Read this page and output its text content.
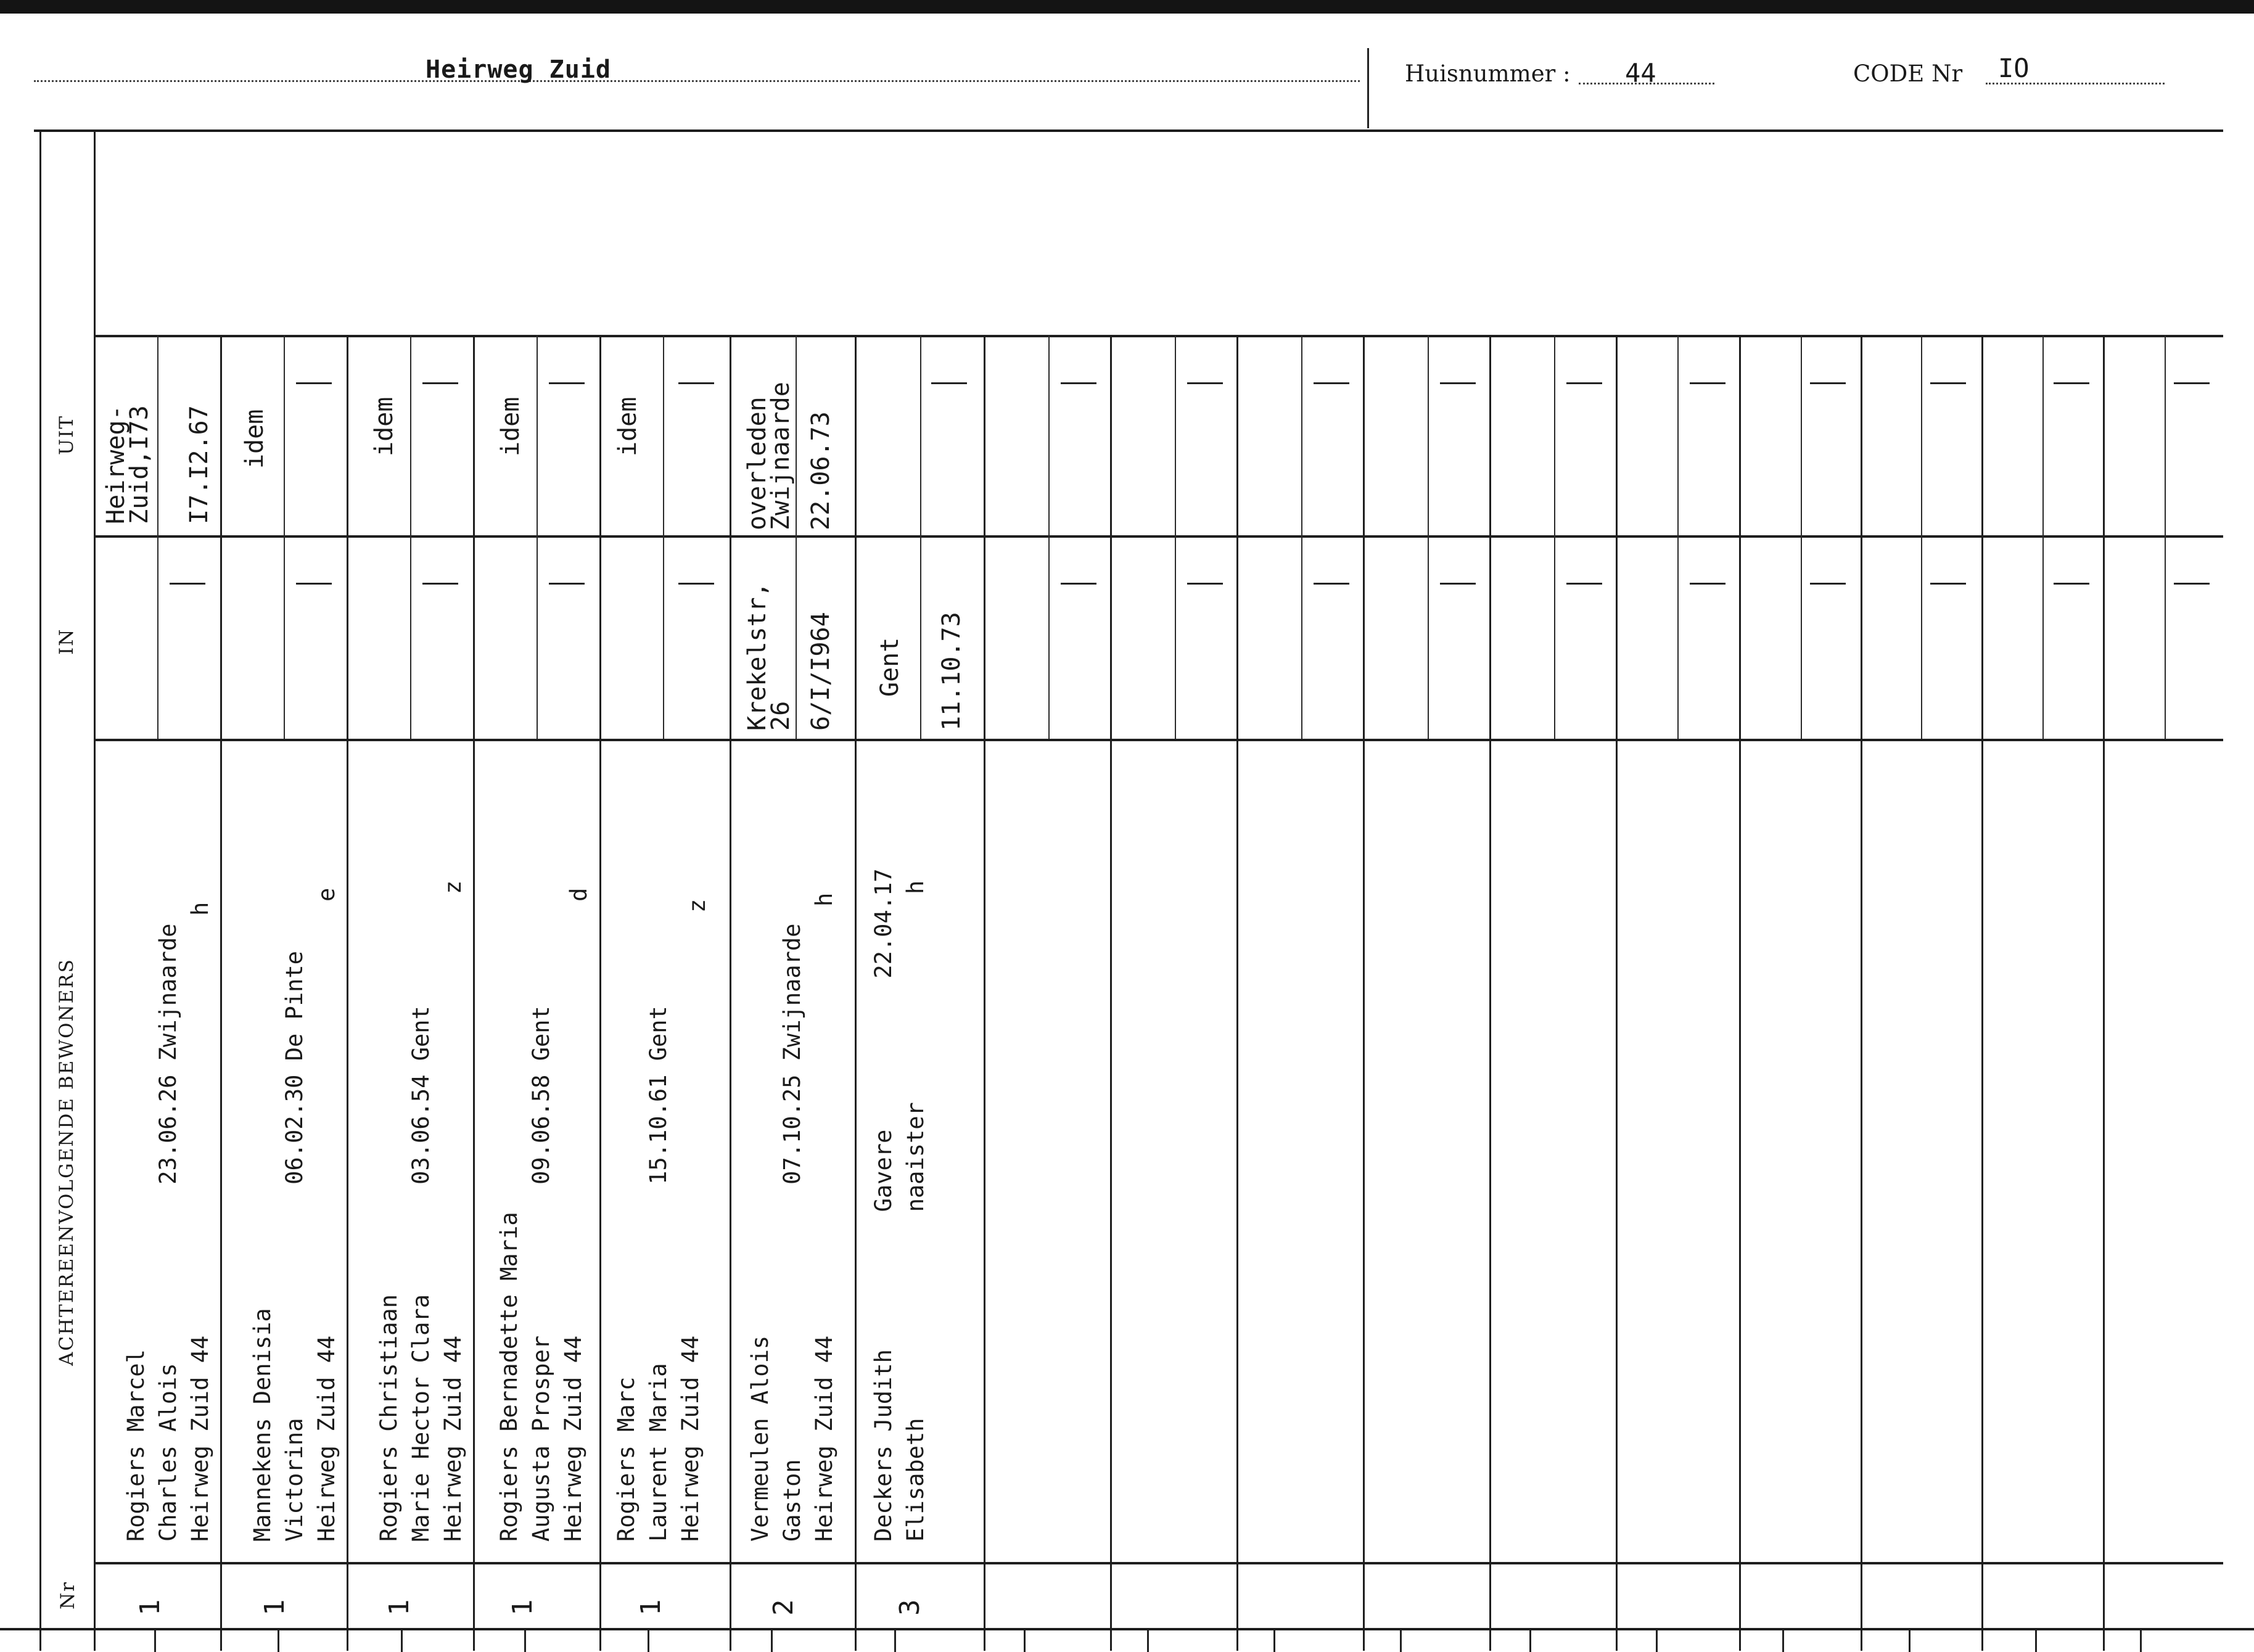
Heirweg Zuid	Huisnummer : 44	CODE Nr IO
Nr
ACHTEREENVOLGENDE BEWONERS
IN
UIT
1
Rogiers Marcel Charles Alois             23.06.26 Zwijnaarde Heirweg Zuid 44
h
Heirweg-
Zuid,I73 I7.I2.67
1
Mannekens Denisia Victorina                 06.02.30 De Pinte Heirweg Zuid 44
e
idem
1
Rogiers Christiaan Marie Hector Clara        03.06.54 Gent Heirweg Zuid 44
z
idem
1
Rogiers Bernadette Maria Augusta Prosper           09.06.58 Gent Heirweg Zuid 44
d
idem
1
Rogiers Marc Laurent Maria             15.10.61 Gent Heirweg Zuid 44
z
idem
2
Vermeulen Alois Gaston                    07.10.25 Zwijnaarde Heirweg Zuid 44
h
Krekelstr,
26 6/I/I964
overleden
Zwijnaarde 22.06.73
3
Deckers Judith          Gavere           22.04.17 Elisabeth               naaister
h
Gent 11.10.73
